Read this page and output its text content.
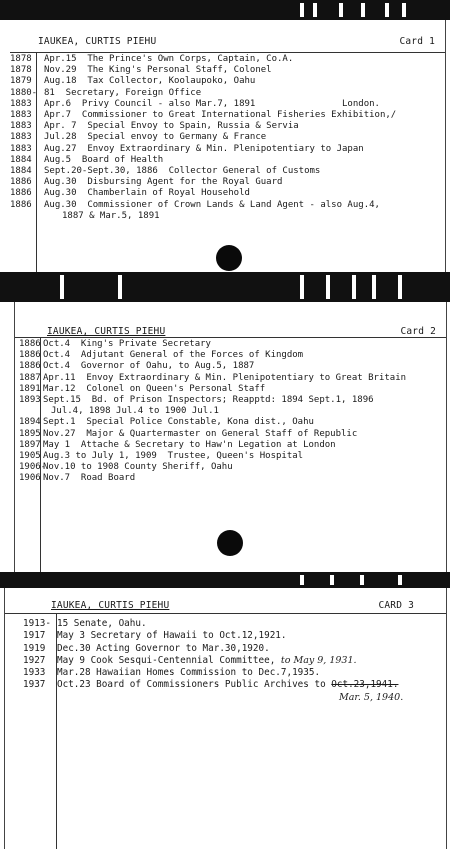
IAUKEA, CURTIS PIEHU	Card 1
1878 Apr.15  The Prince's Own Corps, Captain, Co.A.
1878 Nov.29  The King's Personal Staff, Colonel
1879 Aug.18  Tax Collector, Koolaupoko, Oahu
1880- 81  Secretary, Foreign Office
1883 Apr.6  Privy Council - also Mar.7, 1891                London.
1883 Apr.7  Commissioner to Great International Fisheries Exhibition,/
1883 Apr. 7  Special Envoy to Spain, Russia & Servia
1883 Jul.28  Special envoy to Germany & France
1883 Aug.27  Envoy Extraordinary & Min. Plenipotentiary to Japan
1884 Aug.5  Board of Health
1884 Sept.20-Sept.30, 1886  Collector General of Customs
1886 Aug.30  Disbursing Agent for the Royal Guard
1886 Aug.30  Chamberlain of Royal Household
1886 Aug.30  Commissioner of Crown Lands & Land Agent - also Aug.4,
1887 & Mar.5, 1891
IAUKEA, CURTIS PIEHU	Card 2
1886 Oct.4  King's Private Secretary
1886 Oct.4  Adjutant General of the Forces of Kingdom
1886 Oct.4  Governor of Oahu, to Aug.5, 1887
1887 Apr.11  Envoy Extraordinary & Min. Plenipotentiary to Great Britain
1891 Mar.12  Colonel on Queen's Personal Staff
1893 Sept.15  Bd. of Prison Inspectors; Reapptd: 1894 Sept.1, 1896
Jul.4, 1898 Jul.4 to 1900 Jul.1
1894 Sept.1  Special Police Constable, Kona dist., Oahu
1895 Nov.27  Major & Quartermaster on General Staff of Republic
1897 May 1  Attache & Secretary to Haw'n Legation at London
1905 Aug.3 to July 1, 1909  Trustee, Queen's Hospital
1906-Nov.10 to 1908 County Sheriff, Oahu
1906 Nov.7  Road Board
IAUKEA, CURTIS PIEHU	CARD 3
1913- 15 Senate, Oahu.
1917 May 3 Secretary of Hawaii to Oct.12,1921.
1919 Dec.30 Acting Governor to Mar.30,1920.
1927 May 9 Cook Sesqui-Centennial Committee, to May 9, 1931.
1933 Mar.28 Hawaiian Homes Commission to Dec.7,1935.
1937 Oct.23 Board of Commissioners Public Archives to Oct.23,1941.
Mar. 5, 1940.
